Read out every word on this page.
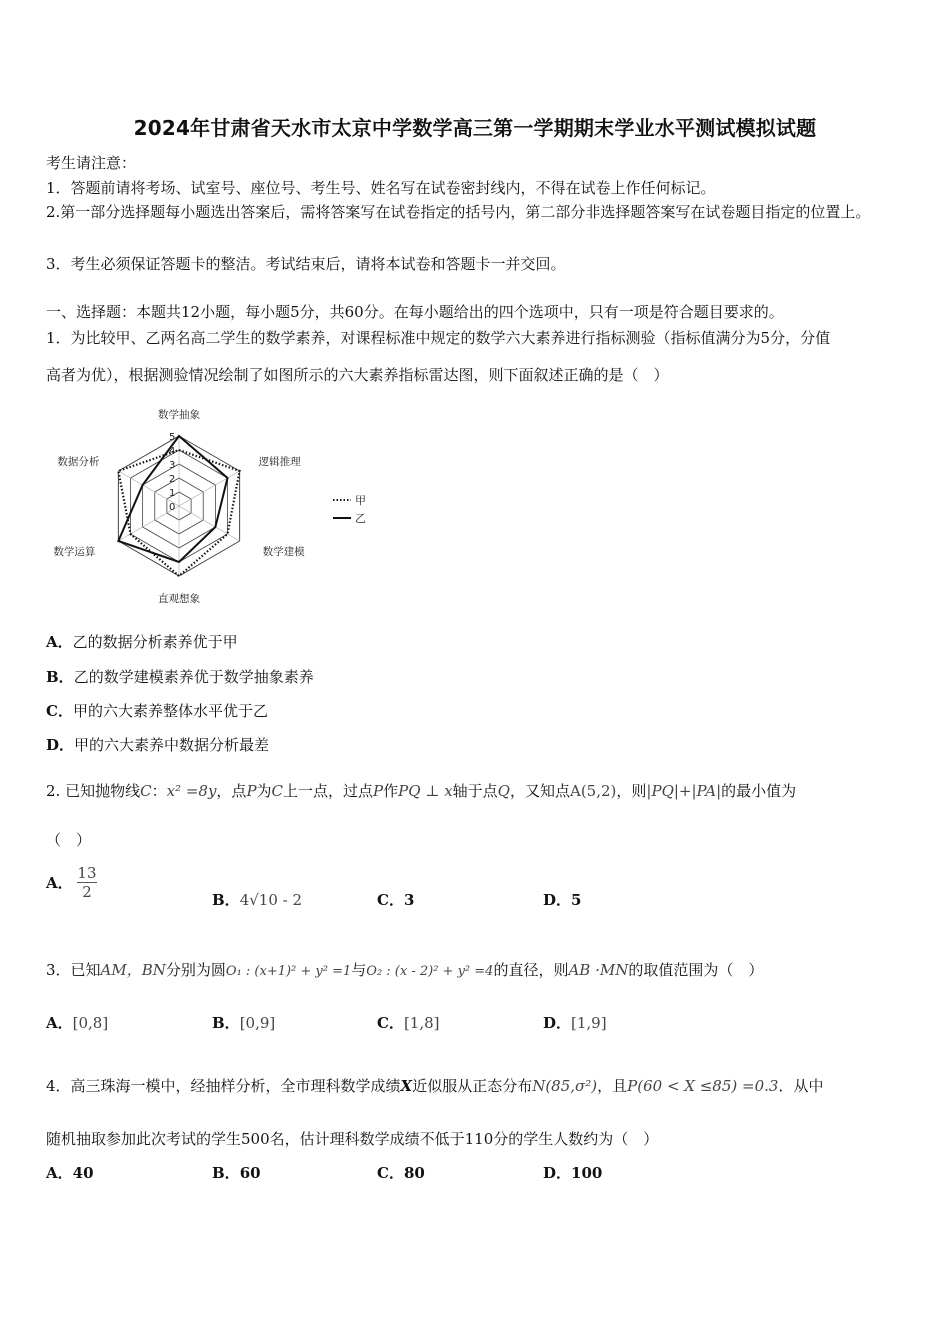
2024年甘肃省天水市太京中学数学高三第一学期期末学业水平测试模拟试题
考生请注意：
1．答题前请将考场、试室号、座位号、考生号、姓名写在试卷密封线内，不得在试卷上作任何标记。
2.第一部分选择题每小题选出答案后，需将答案写在试卷指定的括号内，第二部分非选择题答案写在试卷题目指定的位置上。
3．考生必须保证答题卡的整洁。考试结束后，请将本试卷和答题卡一并交回。
一、选择题：本题共12小题，每小题5分，共60分。在每小题给出的四个选项中，只有一项是符合题目要求的。
1．为比较甲、乙两名高二学生的数学素养，对课程标准中规定的数学六大素养进行指标测验（指标值满分为5分，分值
高者为优），根据测验情况绘制了如图所示的六大素养指标雷达图，则下面叙述正确的是（　）
0
1
2
3
4
5
数学抽象
逻辑推理
数学建模
直观想象
数学运算
数据分析
甲
乙
A．乙的数据分析素养优于甲
B．乙的数学建模素养优于数学抽象素养
C．甲的六大素养整体水平优于乙
D．甲的六大素养中数据分析最差
2. 已知抛物线C：x² =8y，点P为C上一点，过点P作PQ ⊥ x轴于点Q，又知点A(5,2)，则|PQ|+|PA|的最小值为
（　）
A． $\frac{13}{2}$	B．4√10 - 2	C．3	D．5
3．已知AM，BN分别为圆O₁ : (x+1)² + y² =1与O₂ : (x - 2)² + y² =4的直径，则AB ·MN的取值范围为（　）
A．[0,8]	B．[0,9]	C．[1,8]	D．[1,9]
4．高三珠海一模中，经抽样分析，全市理科数学成绩X近似服从正态分布N(85,σ²)，且P(60 < X ≤85) =0.3．从中
随机抽取参加此次考试的学生500名，估计理科数学成绩不低于110分的学生人数约为（　）
A．40	B．60	C．80	D．100
